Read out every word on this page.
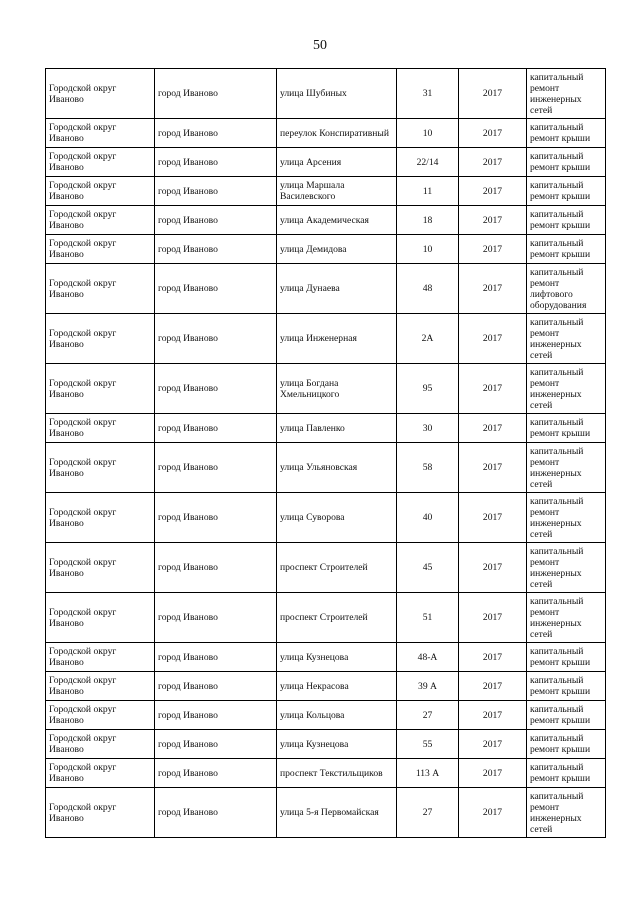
50
Городской округ Иваново	город Иваново	улица Шубиных	31	2017	капитальный ремонт инженерных сетей
Городской округ Иваново	город Иваново	переулок Конспиративный	10	2017	капитальный ремонт крыши
Городской округ Иваново	город Иваново	улица Арсения	22/14	2017	капитальный ремонт крыши
Городской округ Иваново	город Иваново	улица Маршала Василевского	11	2017	капитальный ремонт крыши
Городской округ Иваново	город Иваново	улица Академическая	18	2017	капитальный ремонт крыши
Городской округ Иваново	город Иваново	улица Демидова	10	2017	капитальный ремонт крыши
Городской округ Иваново	город Иваново	улица Дунаева	48	2017	капитальный ремонт лифтового оборудования
Городской округ Иваново	город Иваново	улица Инженерная	2А	2017	капитальный ремонт инженерных сетей
Городской округ Иваново	город Иваново	улица Богдана Хмельницкого	95	2017	капитальный ремонт инженерных сетей
Городской округ Иваново	город Иваново	улица Павленко	30	2017	капитальный ремонт крыши
Городской округ Иваново	город Иваново	улица Ульяновская	58	2017	капитальный ремонт инженерных сетей
Городской округ Иваново	город Иваново	улица Суворова	40	2017	капитальный ремонт инженерных сетей
Городской округ Иваново	город Иваново	проспект Строителей	45	2017	капитальный ремонт инженерных сетей
Городской округ Иваново	город Иваново	проспект Строителей	51	2017	капитальный ремонт инженерных сетей
Городской округ Иваново	город Иваново	улица Кузнецова	48-А	2017	капитальный ремонт крыши
Городской округ Иваново	город Иваново	улица Некрасова	39 А	2017	капитальный ремонт крыши
Городской округ Иваново	город Иваново	улица Кольцова	27	2017	капитальный ремонт крыши
Городской округ Иваново	город Иваново	улица Кузнецова	55	2017	капитальный ремонт крыши
Городской округ Иваново	город Иваново	проспект Текстильщиков	113 А	2017	капитальный ремонт крыши
Городской округ Иваново	город Иваново	улица 5-я Первомайская	27	2017	капитальный ремонт инженерных сетей
